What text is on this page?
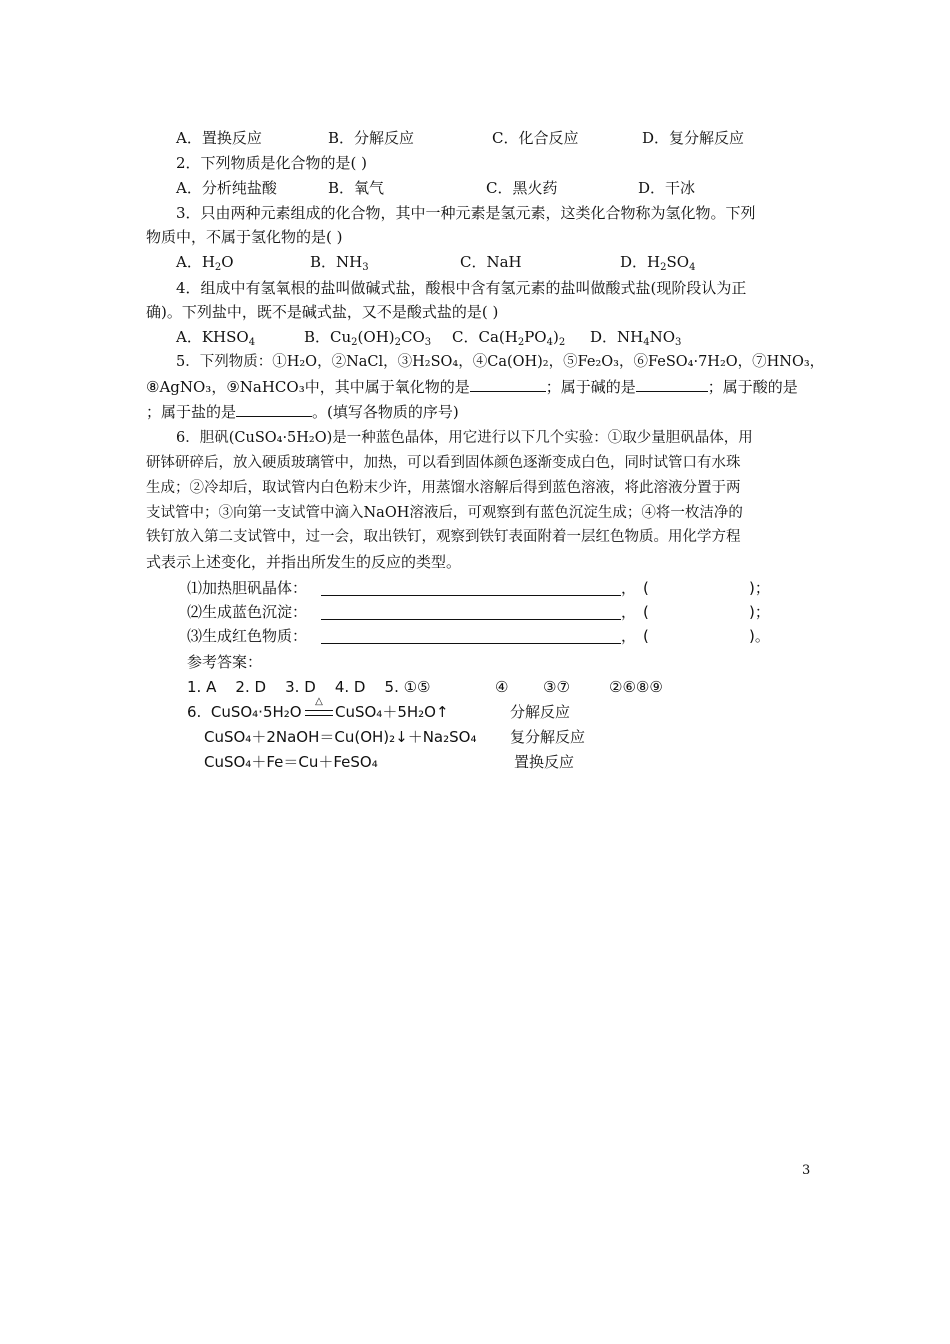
A．置换反应	B．分解反应	C．化合反应	D．复分解反应
2．下列物质是化合物的是( )
A．分析纯盐酸	B．氧气	C．黑火药	D．干冰
3．只由两种元素组成的化合物，其中一种元素是氢元素，这类化合物称为氢化物。下列
物质中，不属于氢化物的是( )
A．$H_2O$	B．$NH_3$	C．NaH	D．$H_2SO_4$
4．组成中有氢氧根的盐叫做碱式盐，酸根中含有氢元素的盐叫做酸式盐(现阶段认为正
确)。下列盐中，既不是碱式盐，又不是酸式盐的是( )
A．$KHSO_4$	B．$Cu_2(OH)_2CO_3$ C．$Ca(H_2PO_4)_2$ D．$NH_4NO_3$
5．下列物质：①H₂O，②NaCl，③H₂SO₄，④Ca(OH)₂，⑤Fe₂O₃，⑥FeSO₄·7H₂O，⑦HNO₃，
⑧AgNO₃，⑨NaHCO₃中，其中属于氧化物的是	；属于碱的是	；属于酸的是
；属于盐的是	。(填写各物质的序号)
6．胆矾(CuSO₄·5H₂O)是一种蓝色晶体，用它进行以下几个实验：①取少量胆矾晶体，用
研钵研碎后，放入硬质玻璃管中，加热，可以看到固体颜色逐渐变成白色，同时试管口有水珠
生成；②冷却后，取试管内白色粉末少许，用蒸馏水溶解后得到蓝色溶液，将此溶液分置于两
支试管中；③向第一支试管中滴入NaOH溶液后，可观察到有蓝色沉淀生成；④将一枚洁净的
铁钉放入第二支试管中，过一会，取出铁钉，观察到铁钉表面附着一层红色物质。用化学方程
式表示上述变化，并指出所发生的反应的类型。
⑴加热胆矾晶体：	， (	)；
⑵生成蓝色沉淀：	， (	)；
⑶生成红色物质：	， (	)。
参考答案：
1. A    2. D    3. D    4. D    5. ①⑤	④ ③⑦	②⑥⑧⑨
6.  CuSO₄·5H₂O
△
CuSO₄＋5H₂O↑	分解反应
CuSO₄＋2NaOH＝Cu(OH)₂↓＋Na₂SO₄ 复分解反应
CuSO₄＋Fe＝Cu＋FeSO₄	置换反应
3
